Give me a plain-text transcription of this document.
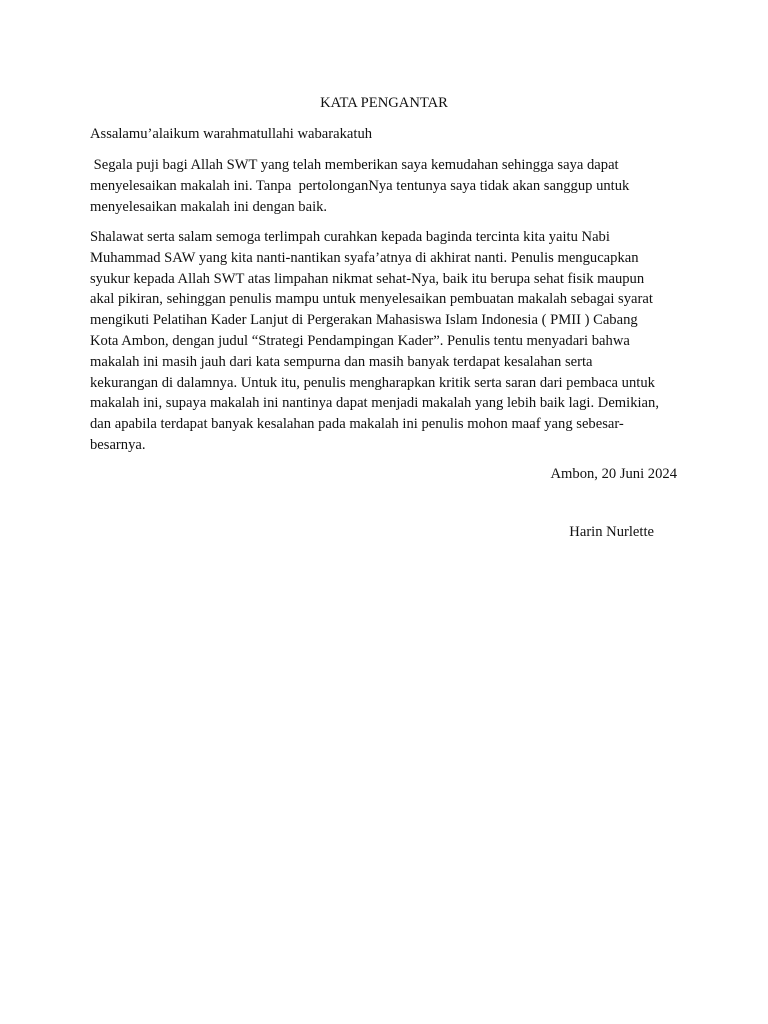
KATA PENGANTAR
Assalamu’alaikum warahmatullahi wabarakatuh
Segala puji bagi Allah SWT yang telah memberikan saya kemudahan sehingga saya dapat
menyelesaikan makalah ini. Tanpa  pertolonganNya tentunya saya tidak akan sanggup untuk
menyelesaikan makalah ini dengan baik.
Shalawat serta salam semoga terlimpah curahkan kepada baginda tercinta kita yaitu Nabi
Muhammad SAW yang kita nanti-nantikan syafa’atnya di akhirat nanti. Penulis mengucapkan
syukur kepada Allah SWT atas limpahan nikmat sehat-Nya, baik itu berupa sehat fisik maupun
akal pikiran, sehinggan penulis mampu untuk menyelesaikan pembuatan makalah sebagai syarat
mengikuti Pelatihan Kader Lanjut di Pergerakan Mahasiswa Islam Indonesia ( PMII ) Cabang
Kota Ambon, dengan judul “Strategi Pendampingan Kader”. Penulis tentu menyadari bahwa
makalah ini masih jauh dari kata sempurna dan masih banyak terdapat kesalahan serta
kekurangan di dalamnya. Untuk itu, penulis mengharapkan kritik serta saran dari pembaca untuk
makalah ini, supaya makalah ini nantinya dapat menjadi makalah yang lebih baik lagi. Demikian,
dan apabila terdapat banyak kesalahan pada makalah ini penulis mohon maaf yang sebesar-
besarnya.
Ambon, 20 Juni 2024
Harin Nurlette
